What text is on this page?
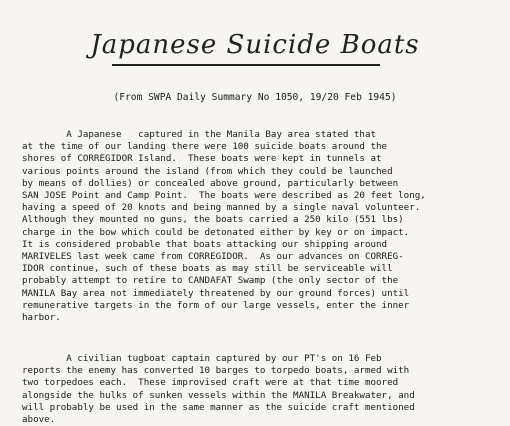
Japanese Suicide Boats
(From SWPA Daily Summary No 1050, 19/20 Feb 1945)
A Japanese   captured in the Manila Bay area stated that
at the time of our landing there were 100 suicide boats around the
shores of CORREGIDOR Island.  These boats were kept in tunnels at
various points around the island (from which they could be launched
by means of dollies) or concealed above ground, particularly between
SAN JOSE Point and Camp Point.  The boats were described as 20 feet long,
having a speed of 20 knots and being manned by a single naval volunteer.
Although they mounted no guns, the boats carried a 250 kilo (551 lbs)
charge in the bow which could be detonated either by key or on impact.
It is considered probable that boats attacking our shipping around
MARIVELES last week came from CORREGIDOR.  As our advances on CORREG-
IDOR continue, such of these boats as may still be serviceable will
probably attempt to retire to CANDAFAT Swamp (the only sector of the
MANILA Bay area not immediately threatened by our ground forces) until
remunerative targets in the form of our large vessels, enter the inner
harbor.
A civilian tugboat captain captured by our PT's on 16 Feb
reports the enemy has converted 10 barges to torpedo boats, armed with
two torpedoes each.  These improvised craft were at that time moored
alongside the hulks of sunken vessels within the MANILA Breakwater, and
will probably be used in the same manner as the suicide craft mentioned
above.
